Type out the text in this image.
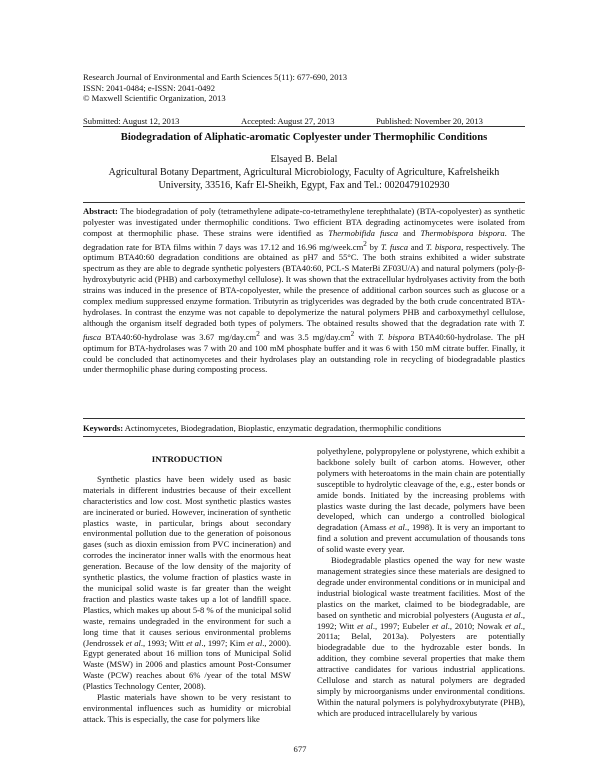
Research Journal of Environmental and Earth Sciences 5(11): 677-690, 2013
ISSN: 2041-0484; e-ISSN: 2041-0492
© Maxwell Scientific Organization, 2013
Submitted: August 12, 2013	Accepted: August 27, 2013	Published: November 20, 2013
Biodegradation of Aliphatic-aromatic Coplyester under Thermophilic Conditions
Elsayed B. Belal
Agricultural Botany Department, Agricultural Microbiology, Faculty of Agriculture, Kafrelsheikh
University, 33516, Kafr El-Sheikh, Egypt, Fax and Tel.: 0020479102930
Abstract: The biodegradation of poly (tetramethylene adipate-co-tetramethylene terephthalate) (BTA-copolyester) as synthetic polyester was investigated under thermophilic conditions. Two efficient BTA degrading actinomycetes were isolated from compost at thermophilic phase. These strains were identified as Thermobifida fusca and Thermobispora bispora. The degradation rate for BTA films within 7 days was 17.12 and 16.96 $mg/week.cm^2$ by T. fusca and T. bispora, respectively. The optimum BTA40:60 degradation conditions are obtained as pH7 and 55°C. The both strains exhibited a wider substrate spectrum as they are able to degrade synthetic polyesters (BTA40:60, PCL-S MaterBi ZF03U/A) and natural polymers (poly-β-hydroxybutyric acid (PHB) and carboxymethyl cellulose). It was shown that the extracellular hydrolyases activity from the both strains was induced in the presence of BTA-copolyester, while the presence of additional carbon sources such as glucose or a complex medium suppressed enzyme formation. Tributyrin as triglycerides was degraded by the both crude concentrated BTA-hydrolases. In contrast the enzyme was not capable to depolymerize the natural polymers PHB and carboxymethyl cellulose, although the organism itself degraded both types of polymers. The obtained results showed that the degradation rate with T. fusca BTA40:60-hydrolase was 3.67 $mg/day.cm^2$ and was 3.5 $mg/day.cm^2$ with T. bispora BTA40:60-hydrolase. The pH optimum for BTA-hydrolases was 7 with 20 and 100 mM phosphate buffer and it was 6 with 150 mM citrate buffer. Finally, it could be concluded that actinomycetes and their hydrolases play an outstanding role in recycling of biodegradable plastics under thermophilic phase during composting process.
Keywords: Actinomycetes, Biodegradation, Bioplastic, enzymatic degradation, thermophilic conditions
INTRODUCTION

Synthetic plastics have been widely used as basic materials in different industries because of their excellent characteristics and low cost. Most synthetic plastics wastes are incinerated or buried. However, incineration of synthetic plastics waste, in particular, brings about secondary environmental pollution due to the generation of poisonous gases (such as dioxin emission from PVC incineration) and corrodes the incinerator inner walls with the enormous heat generation. Because of the low density of the majority of synthetic plastics, the volume fraction of plastics waste in the municipal solid waste is far greater than the weight fraction and plastics waste takes up a lot of landfill space. Plastics, which makes up about 5-8 % of the municipal solid waste, remains undegraded in the environment for such a long time that it causes serious environmental problems (Jendrossek et al., 1993; Witt et al., 1997; Kim et al., 2000). Egypt generated about 16 million tons of Municipal Solid Waste (MSW) in 2006 and plastics amount Post-Consumer Waste (PCW) reaches about 6% /year of the total MSW (Plastics Technology Center, 2008).

Plastic materials have shown to be very resistant to environmental influences such as humidity or microbial attack. This is especially, the case for polymers like

polyethylene, polypropylene or polystyrene, which exhibit a backbone solely built of carbon atoms. However, other polymers with heteroatoms in the main chain are potentially susceptible to hydrolytic cleavage of the, e.g., ester bonds or amide bonds. Initiated by the increasing problems with plastics waste during the last decade, polymers have been developed, which can undergo a controlled biological degradation (Amass et al., 1998). It is very an important to find a solution and prevent accumulation of thousands tons of solid waste every year.

Biodegradable plastics opened the way for new waste management strategies since these materials are designed to degrade under environmental conditions or in municipal and industrial biological waste treatment facilities. Most of the plastics on the market, claimed to be biodegradable, are based on synthetic and microbial polyesters (Augusta et al., 1992; Witt et al., 1997; Eubeler et al., 2010; Nowak et al., 2011a; Belal, 2013a). Polyesters are potentially biodegradable due to the hydrozable ester bonds. In addition, they combine several properties that make them attractive candidates for various industrial applications. Cellulose and starch as natural polymers are degraded simply by microorganisms under environmental conditions. Within the natural polymers is polyhydroxybutyrate (PHB), which are produced intracellularely by various

677
